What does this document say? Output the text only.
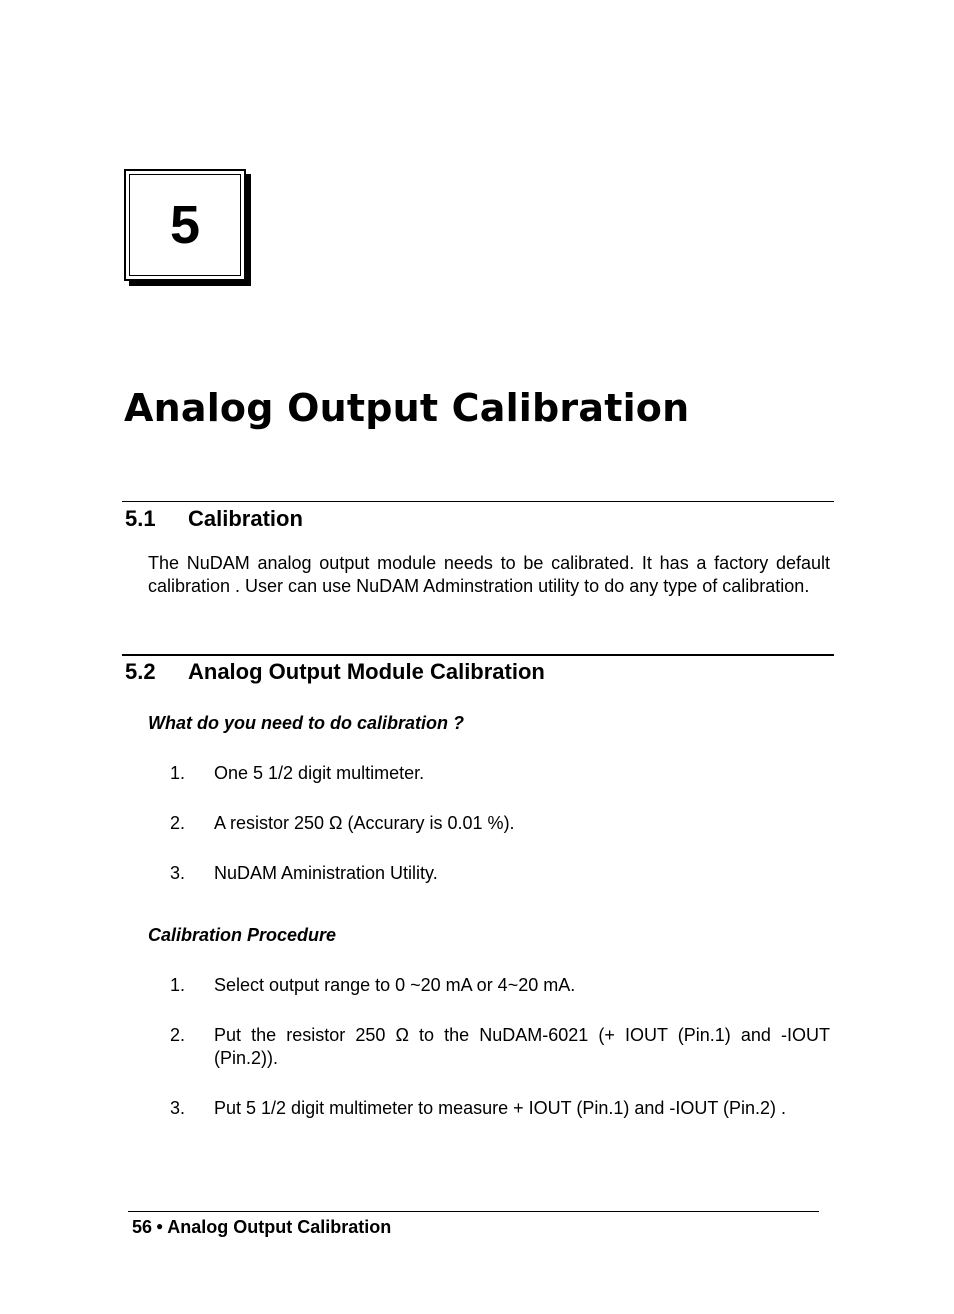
5
Analog Output Calibration
5.1 Calibration

The NuDAM analog output module needs to be calibrated. It has a factory default calibration . User can use NuDAM Adminstration utility to do any type of calibration.

5.2 Analog Output Module Calibration

What do you need to do calibration ?

1. One 5 1/2 digit multimeter.
2. A resistor 250 Ω (Accurary is 0.01 %).
3. NuDAM Aministration Utility.

Calibration Procedure

1. Select output range to 0 ~20 mA or 4~20 mA.
2. Put the resistor 250 Ω to the NuDAM-6021 (+ IOUT (Pin.1) and -IOUT (Pin.2)).
3. Put 5 1/2 digit multimeter to measure + IOUT (Pin.1) and -IOUT (Pin.2) .
56 ● Analog Output Calibration
